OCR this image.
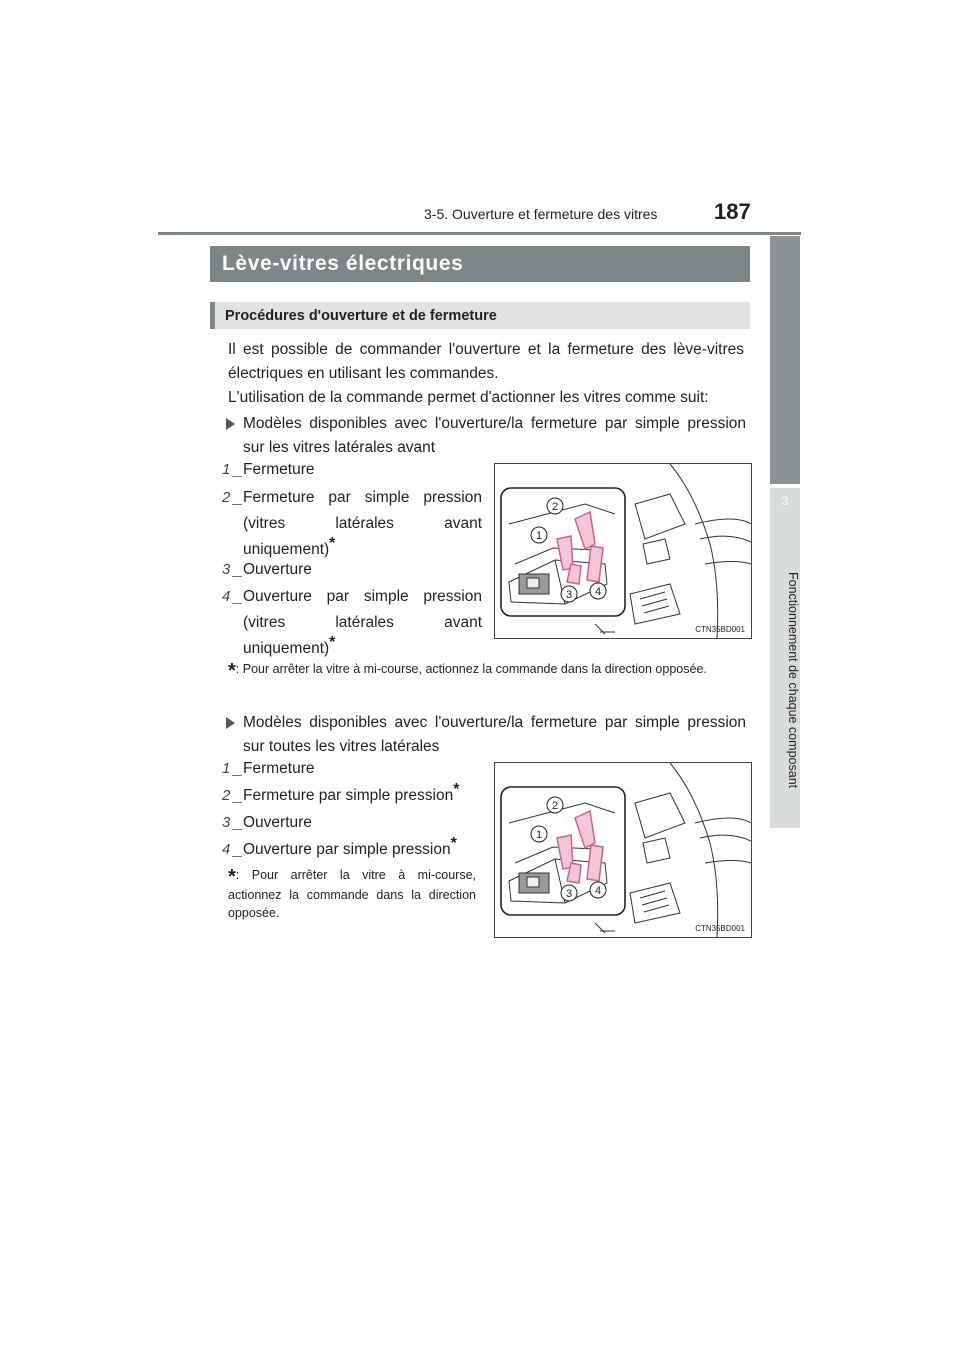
3-5. Ouverture et fermeture des vitres	187
3
Fonctionnement de chaque composant
Lève-vitres électriques
Procédures d'ouverture et de fermeture
Il est possible de commander l'ouverture et la fermeture des lève-vitres électriques en utilisant les commandes.
L'utilisation de la commande permet d'actionner les vitres comme suit:
Modèles disponibles avec l'ouverture/la fermeture par simple pression sur les vitres latérales avant
1 Fermeture
2 Fermeture par simple pression (vitres latérales avant uniquement)*
3 Ouverture
4 Ouverture par simple pression (vitres latérales avant uniquement)*
*: Pour arrêter la vitre à mi-course, actionnez la commande dans la direction opposée.
2
1
3 4
CTN35BD001
Modèles disponibles avec l'ouverture/la fermeture par simple pression sur toutes les vitres latérales
1 Fermeture
2 Fermeture par simple pression*
3 Ouverture
4 Ouverture par simple pression*
*: Pour arrêter la vitre à mi-course, actionnez la commande dans la direction opposée.
2
1
3 4
CTN35BD001
